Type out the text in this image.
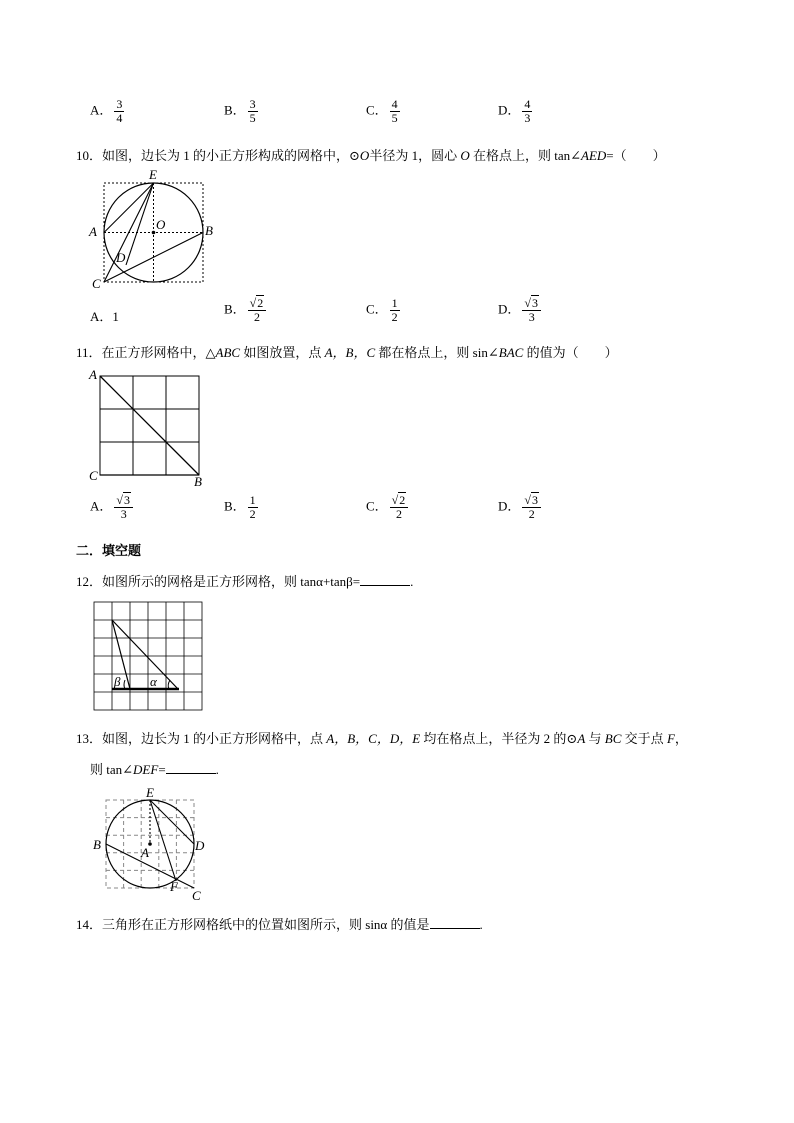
A． $\frac{3}{4}$	B． $\frac{3}{5}$	C． $\frac{4}{5}$	D． $\frac{4}{3}$
10．如图，边长为 1 的小正方形构成的网格中，⊙O半径为 1，圆心 O 在格点上，则 tan∠AED=（　　）
E
A	O	B
D
C
A．1
B． $\frac{√2}{2}$	C． $\frac{1}{2}$	D． $\frac{√3}{3}$
11．在正方形网格中，△ABC 如图放置，点 A，B，C 都在格点上，则 sin∠BAC 的值为（　　）
A
C	B
A． $\frac{√3}{3}$	B． $\frac{1}{2}$	C． $\frac{√2}{2}$	D． $\frac{√3}{2}$
二．填空题
12．如图所示的网格是正方形网格，则 tanα+tanβ=	.
β α
13．如图，边长为 1 的小正方形网格中，点 A，B，C，D，E 均在格点上，半径为 2 的⊙A 与 BC 交于点 F，
则 tan∠DEF=	.
E
B
A	D
F
C
14．三角形在正方形网格纸中的位置如图所示，则 sinα 的值是	.
